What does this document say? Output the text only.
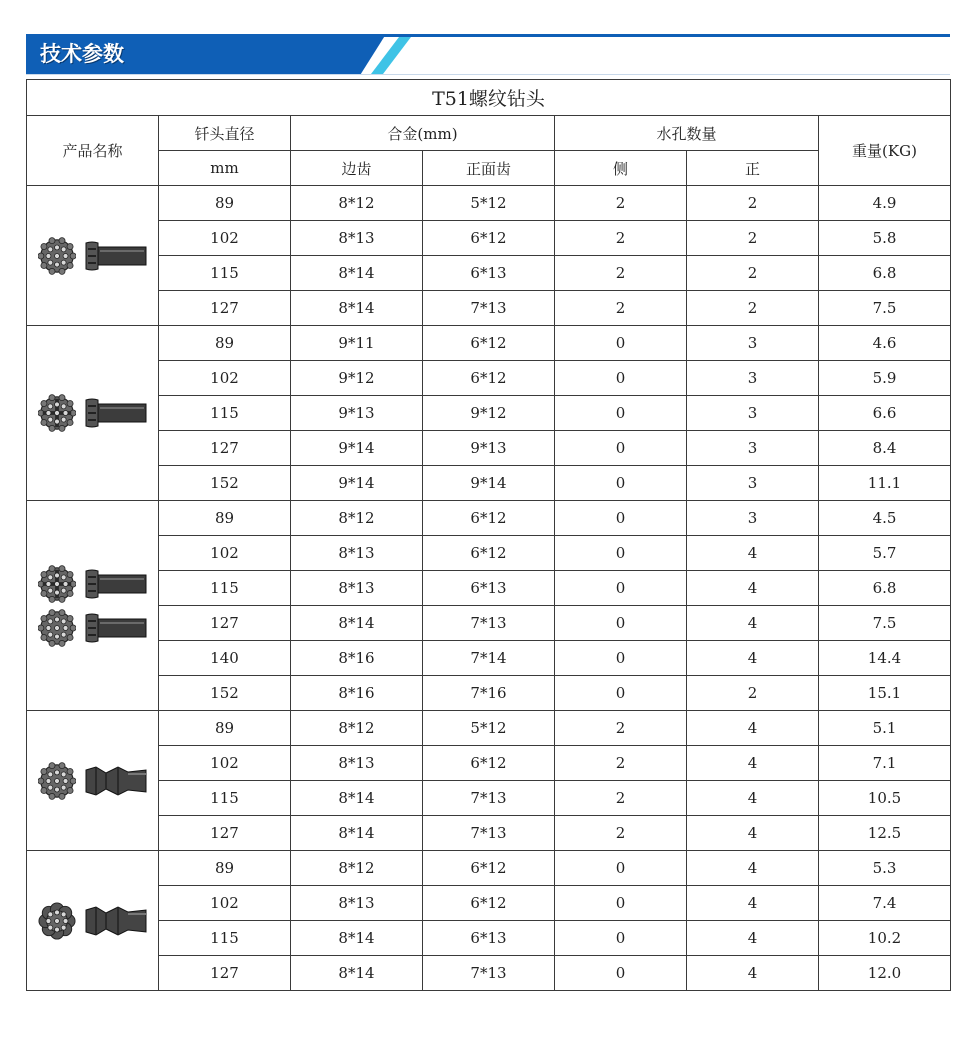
技术参数
T51螺纹钻头						
产品名称	钎头直径	合金(mm)		水孔数量		重量(KG)
	mm	边齿	正面齿	侧	正	

	89	8*12	5*12	2	2	4.9
	102	8*13	6*12	2	2	5.8
	115	8*14	6*13	2	2	6.8
	127	8*14	7*13	2	2	7.5

	89	9*11	6*12	0	3	4.6
	102	9*12	6*12	0	3	5.9
	115	9*13	9*12	0	3	6.6
	127	9*14	9*13	0	3	8.4
	152	9*14	9*14	0	3	11.1

	89	8*12	6*12	0	3	4.5
	102	8*13	6*12	0	4	5.7
	115	8*13	6*13	0	4	6.8
	127	8*14	7*13	0	4	7.5
	140	8*16	7*14	0	4	14.4
	152	8*16	7*16	0	2	15.1

	89	8*12	5*12	2	4	5.1
	102	8*13	6*12	2	4	7.1
	115	8*14	7*13	2	4	10.5
	127	8*14	7*13	2	4	12.5

	89	8*12	6*12	0	4	5.3
	102	8*13	6*12	0	4	7.4
	115	8*14	6*13	0	4	10.2
	127	8*14	7*13	0	4	12.0
